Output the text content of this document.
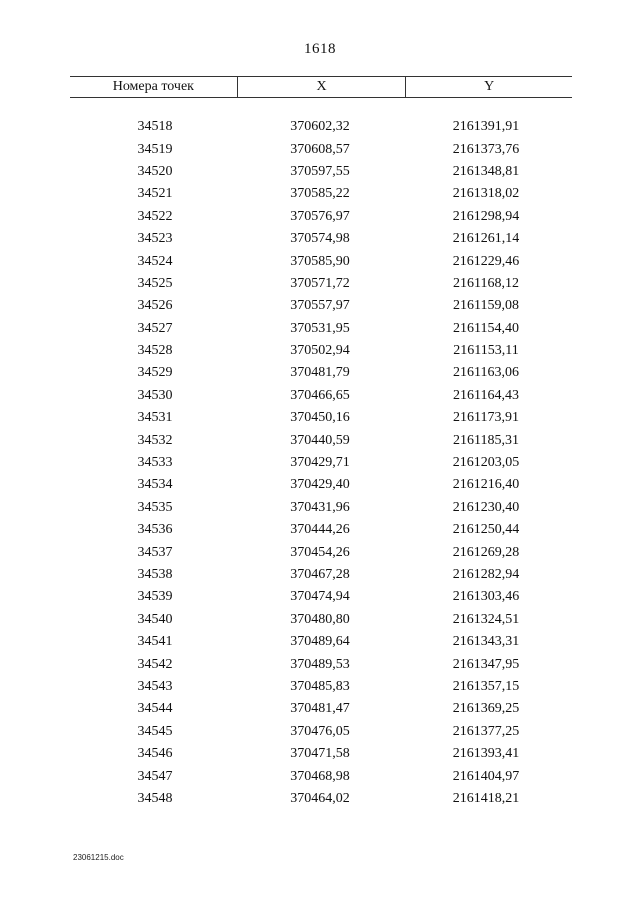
1618
Номера точек	X	Y
34518	370602,32	2161391,91
34519	370608,57	2161373,76
34520	370597,55	2161348,81
34521	370585,22	2161318,02
34522	370576,97	2161298,94
34523	370574,98	2161261,14
34524	370585,90	2161229,46
34525	370571,72	2161168,12
34526	370557,97	2161159,08
34527	370531,95	2161154,40
34528	370502,94	2161153,11
34529	370481,79	2161163,06
34530	370466,65	2161164,43
34531	370450,16	2161173,91
34532	370440,59	2161185,31
34533	370429,71	2161203,05
34534	370429,40	2161216,40
34535	370431,96	2161230,40
34536	370444,26	2161250,44
34537	370454,26	2161269,28
34538	370467,28	2161282,94
34539	370474,94	2161303,46
34540	370480,80	2161324,51
34541	370489,64	2161343,31
34542	370489,53	2161347,95
34543	370485,83	2161357,15
34544	370481,47	2161369,25
34545	370476,05	2161377,25
34546	370471,58	2161393,41
34547	370468,98	2161404,97
34548	370464,02	2161418,21
23061215.doc
